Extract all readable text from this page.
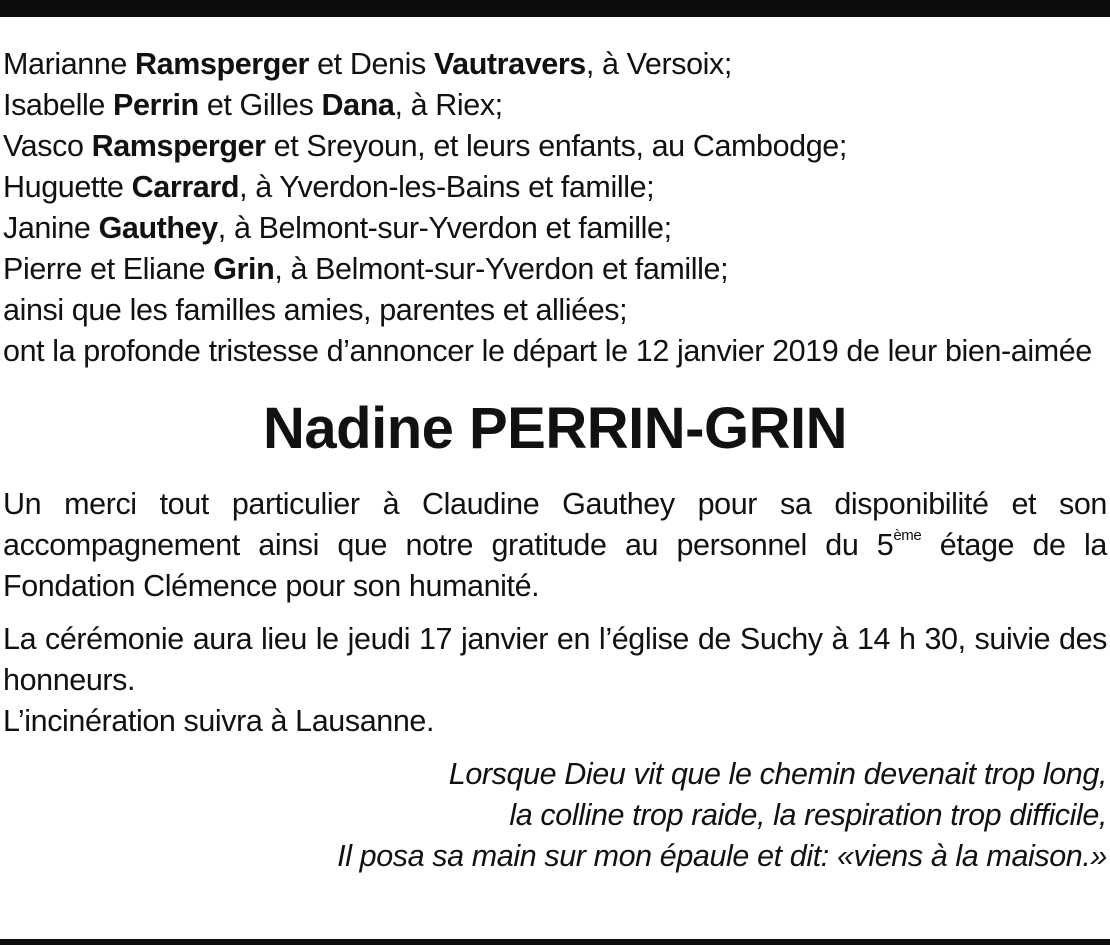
Marianne Ramsperger et Denis Vautravers, à Versoix;

Isabelle Perrin et Gilles Dana, à Riex;

Vasco Ramsperger et Sreyoun, et leurs enfants, au Cambodge;

Huguette Carrard, à Yverdon-les-Bains et famille;

Janine Gauthey, à Belmont-sur-Yverdon et famille;

Pierre et Eliane Grin, à Belmont-sur-Yverdon et famille;

ainsi que les familles amies, parentes et alliées;

ont la profonde tristesse d’annoncer le départ le 12 janvier 2019 de leur bien-aimée

Nadine PERRIN-GRIN

Un merci tout particulier à Claudine Gauthey pour sa disponibilité et son accompagnement ainsi que notre gratitude au personnel du 5ème étage de la Fondation Clémence pour son humanité.

La cérémonie aura lieu le jeudi 17 janvier en l’église de Suchy à 14 h 30, suivie des honneurs.

L’incinération suivra à Lausanne.

Lorsque Dieu vit que le chemin devenait trop long,

la colline trop raide, la respiration trop difficile,

Il posa sa main sur mon épaule et dit: «viens à la maison.»
